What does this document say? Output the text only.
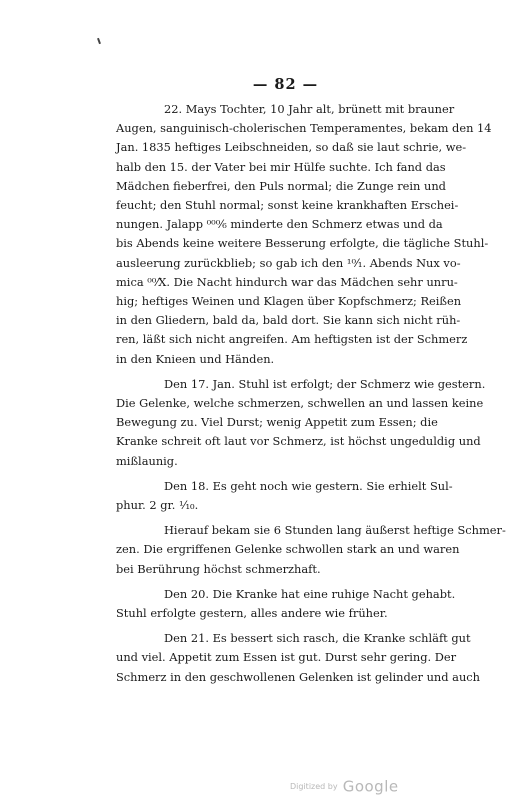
— 82 —
22. Mays Tochter, 10 Jahr alt, brünett mit brauner
Augen, sanguinisch-cholerischen Temperamentes, bekam den 14
Jan. 1835 heftiges Leibschneiden, so daß sie laut schrie, we-
halb den 15. der Vater bei mir Hülfe suchte. Ich fand das
Mädchen fieberfrei, den Puls normal; die Zunge rein und
feucht; den Stuhl normal; sonst keine krankhaften Erschei-
nungen. Jalapp ⁰⁰⁰⁄₆ minderte den Schmerz etwas und da
bis Abends keine weitere Besserung erfolgte, die tägliche Stuhl-
ausleerung zurückblieb; so gab ich den ¹⁰⁄₁. Abends Nux vo-
mica ⁰⁰⁄X. Die Nacht hindurch war das Mädchen sehr unru-
hig; heftiges Weinen und Klagen über Kopfschmerz; Reißen
in den Gliedern, bald da, bald dort. Sie kann sich nicht rüh-
ren, läßt sich nicht angreifen. Am heftigsten ist der Schmerz
in den Knieen und Händen.
Den 17. Jan. Stuhl ist erfolgt; der Schmerz wie gestern.
Die Gelenke, welche schmerzen, schwellen an und lassen keine
Bewegung zu. Viel Durst; wenig Appetit zum Essen; die
Kranke schreit oft laut vor Schmerz, ist höchst ungeduldig und
mißlaunig.
Den 18. Es geht noch wie gestern. Sie erhielt Sul-
phur. 2 gr. ¹⁄₁₀.
Hierauf bekam sie 6 Stunden lang äußerst heftige Schmer-
zen. Die ergriffenen Gelenke schwollen stark an und waren
bei Berührung höchst schmerzhaft.
Den 20. Die Kranke hat eine ruhige Nacht gehabt.
Stuhl erfolgte gestern, alles andere wie früher.
Den 21. Es bessert sich rasch, die Kranke schläft gut
und viel. Appetit zum Essen ist gut. Durst sehr gering. Der
Schmerz in den geschwollenen Gelenken ist gelinder und auch
Digitized by Google
